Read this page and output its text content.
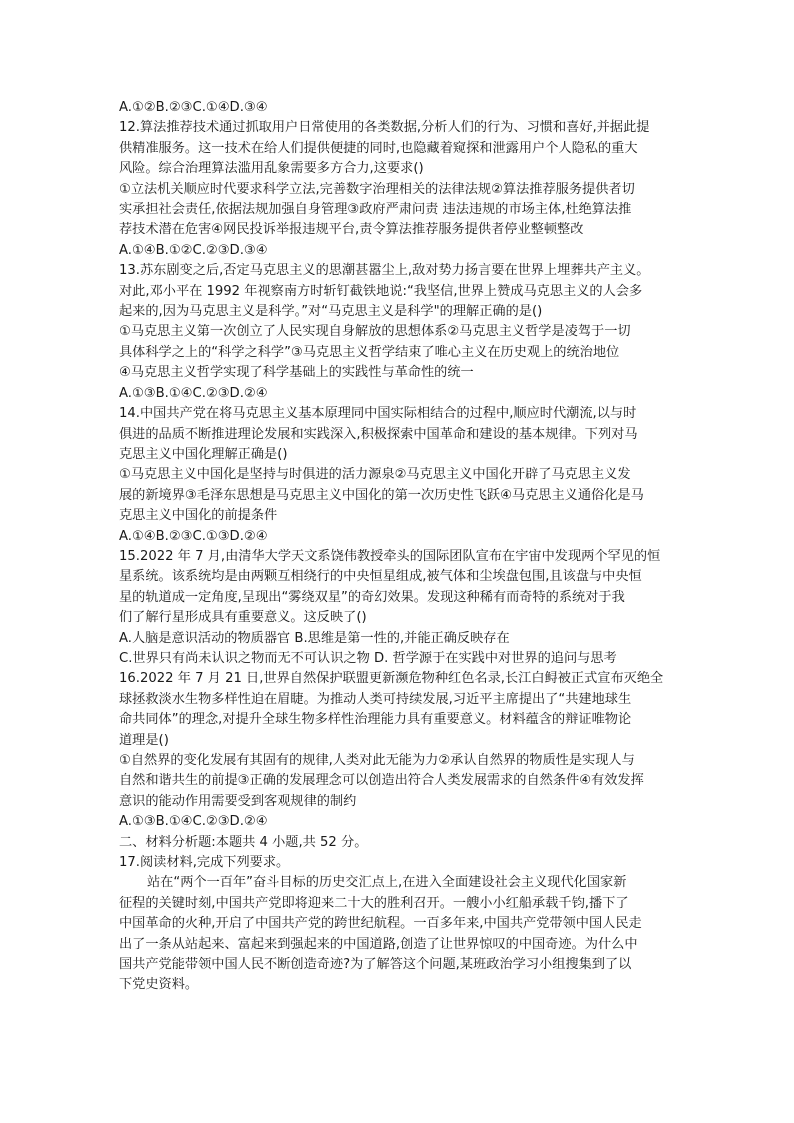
A.①②B.②③C.①④D.③④
12.算法推荐技术通过抓取用户日常使用的各类数据,分析人们的行为、习惯和喜好,并据此提
供精准服务。这一技术在给人们提供便捷的同时,也隐藏着窥探和泄露用户个人隐私的重大
风险。综合治理算法滥用乱象需要多方合力,这要求()
①立法机关顺应时代要求科学立法,完善数字治理相关的法律法规②算法推荐服务提供者切
实承担社会责任,依据法规加强自身管理③政府严肃问责 违法违规的市场主体,杜绝算法推
荐技术潜在危害④网民投诉举报违规平台,责令算法推荐服务提供者停业整顿整改
A.①④B.①②C.②③D.③④
13.苏东剧变之后,否定马克思主义的思潮甚嚣尘上,敌对势力扬言要在世界上埋葬共产主义。
对此,邓小平在 1992 年视察南方时斩钉截铁地说:“我坚信,世界上赞成马克思主义的人会多
起来的,因为马克思主义是科学。”对“马克思主义是科学"的理解正确的是()
①马克思主义第一次创立了人民实现自身解放的思想体系②马克思主义哲学是凌驾于一切
具体科学之上的“科学之科学”③马克思主义哲学结束了唯心主义在历史观上的统治地位
④马克思主义哲学实现了科学基础上的实践性与革命性的统一
A.①③B.①④C.②③D.②④
14.中国共产党在将马克思主义基本原理同中国实际相结合的过程中,顺应时代潮流,以与时
俱进的品质不断推进理论发展和实践深入,积极探索中国革命和建设的基本规律。下列对马
克思主义中国化理解正确是()
①马克思主义中国化是坚持与时俱进的活力源泉②马克思主义中国化开辟了马克思主义发
展的新境界③毛泽东思想是马克思主义中国化的第一次历史性飞跃④马克思主义通俗化是马
克思主义中国化的前提条件
A.①④B.②③C.①③D.②④
15.2022 年 7 月,由清华大学天文系饶伟教授牵头的国际团队宣布在宇宙中发现两个罕见的恒
星系统。该系统均是由两颗互相绕行的中央恒星组成,被气体和尘埃盘包围,且该盘与中央恒
星的轨道成一定角度,呈现出“雾绕双星”的奇幻效果。发现这种稀有而奇特的系统对于我
们了解行星形成具有重要意义。这反映了()
A.人脑是意识活动的物质器官 B.思维是第一性的,并能正确反映存在
C.世界只有尚未认识之物而无不可认识之物 D. 哲学源于在实践中对世界的追问与思考
16.2022 年 7 月 21 日,世界自然保护联盟更新濒危物种红色名录,长江白鲟被正式宣布灭绝全
球拯救淡水生物多样性迫在眉睫。为推动人类可持续发展,习近平主席提出了“共建地球生
命共同体”的理念,对提升全球生物多样性治理能力具有重要意义。材料蕴含的辩证唯物论
道理是()
①自然界的变化发展有其固有的规律,人类对此无能为力②承认自然界的物质性是实现人与
自然和谐共生的前提③正确的发展理念可以创造出符合人类发展需求的自然条件④有效发挥
意识的能动作用需要受到客观规律的制约
A.①③B.①④C.②③D.②④
二、材料分析题:本题共 4 小题,共 52 分。
17.阅读材料,完成下列要求。
站在“两个一百年”奋斗目标的历史交汇点上,在进入全面建设社会主义现代化国家新
征程的关键时刻,中国共产党即将迎来二十大的胜利召开。一艘小小红船承载千钧,播下了
中国革命的火种,开启了中国共产党的跨世纪航程。一百多年来,中国共产党带领中国人民走
出了一条从站起来、富起来到强起来的中国道路,创造了让世界惊叹的中国奇迹。为什么中
国共产党能带领中国人民不断创造奇迹?为了解答这个问题,某班政治学习小组搜集到了以
下党史资料。
